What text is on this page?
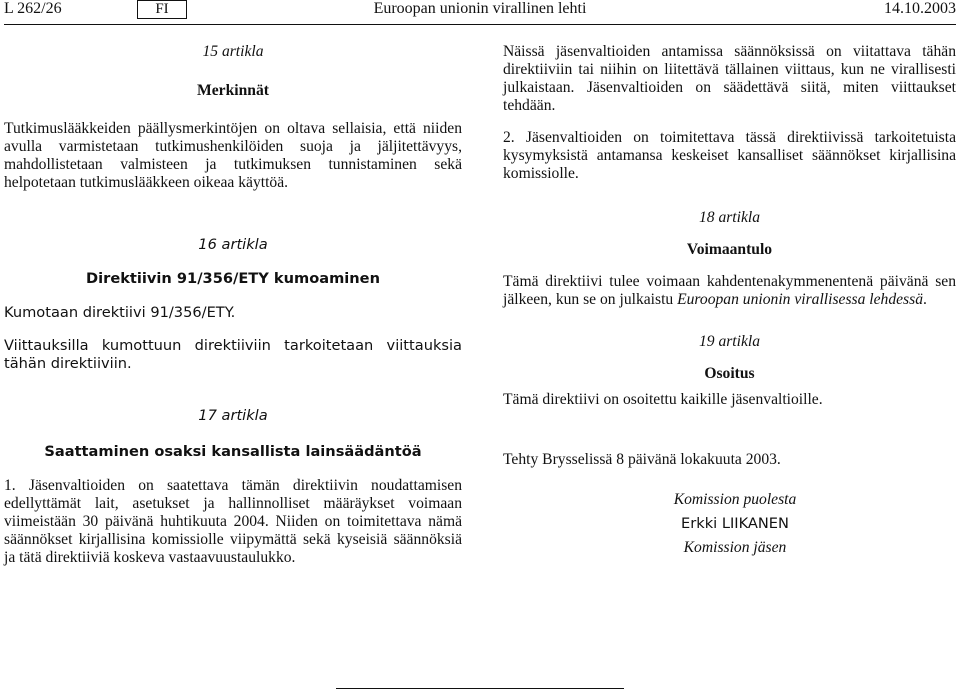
L 262/26	Euroopan unionin virallinen lehti
FI	14.10.2003

15 artikla

Merkinnät

Tutkimuslääkkeiden päällysmerkintöjen on oltava sellaisia, että niiden avulla varmistetaan tutkimushenkilöiden suoja ja jäljitettävyys, mahdollistetaan valmisteen ja tutkimuksen tunnistaminen sekä helpotetaan tutkimuslääkkeen oikeaa käyttöä.

16 artikla

Direktiivin 91/356/ETY kumoaminen

Kumotaan direktiivi 91/356/ETY.

Viittauksilla kumottuun direktiiviin tarkoitetaan viittauksia tähän direktiiviin.

17 artikla

Saattaminen osaksi kansallista lainsäädäntöä

1. Jäsenvaltioiden on saatettava tämän direktiivin noudattamisen edellyttämät lait, asetukset ja hallinnolliset määräykset voimaan viimeistään 30 päivänä huhtikuuta 2004. Niiden on toimitettava nämä säännökset kirjallisina komissiolle viipymättä sekä kyseisiä säännöksiä ja tätä direktiiviä koskeva vastaavuustaulukko.

Näissä jäsenvaltioiden antamissa säännöksissä on viitattava tähän direktiiviin tai niihin on liitettävä tällainen viittaus, kun ne virallisesti julkaistaan. Jäsenvaltioiden on säädettävä siitä, miten viittaukset tehdään.

2. Jäsenvaltioiden on toimitettava tässä direktiivissä tarkoitetuista kysymyksistä antamansa keskeiset kansalliset säännökset kirjallisina komissiolle.

18 artikla

Voimaantulo

Tämä direktiivi tulee voimaan kahdentenakymmenentenä päivänä sen jälkeen, kun se on julkaistu Euroopan unionin virallisessa lehdessä.

19 artikla

Osoitus

Tämä direktiivi on osoitettu kaikille jäsenvaltioille.

Tehty Brysselissä 8 päivänä lokakuuta 2003.

Komission puolesta

Erkki LIIKANEN

Komission jäsen
